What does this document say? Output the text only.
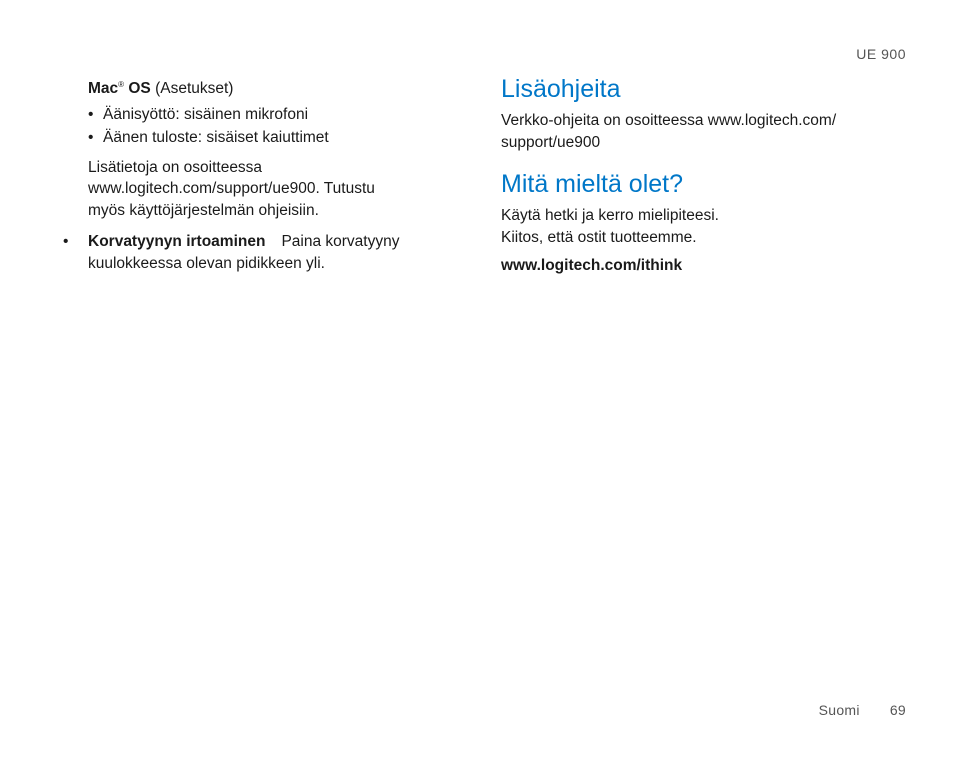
UE 900
Mac® OS (Asetukset)
• Äänisyöttö: sisäinen mikrofoni
• Äänen tuloste: sisäiset kaiuttimet
Lisätietoja on osoitteessa
www.logitech.com/support/ue900. Tutustu
myös käyttöjärjestelmän ohjeisiin.
• Korvatyynyn irtoaminen Paina korvatyyny kuulokkeessa olevan pidikkeen yli.
Lisäohjeita

Verkko-ohjeita on osoitteessa www.logitech.com/
support/ue900

Mitä mieltä olet?

Käytä hetki ja kerro mielipiteesi.
Kiitos, että ostit tuotteemme.

www.logitech.com/ithink
Suomi 69
